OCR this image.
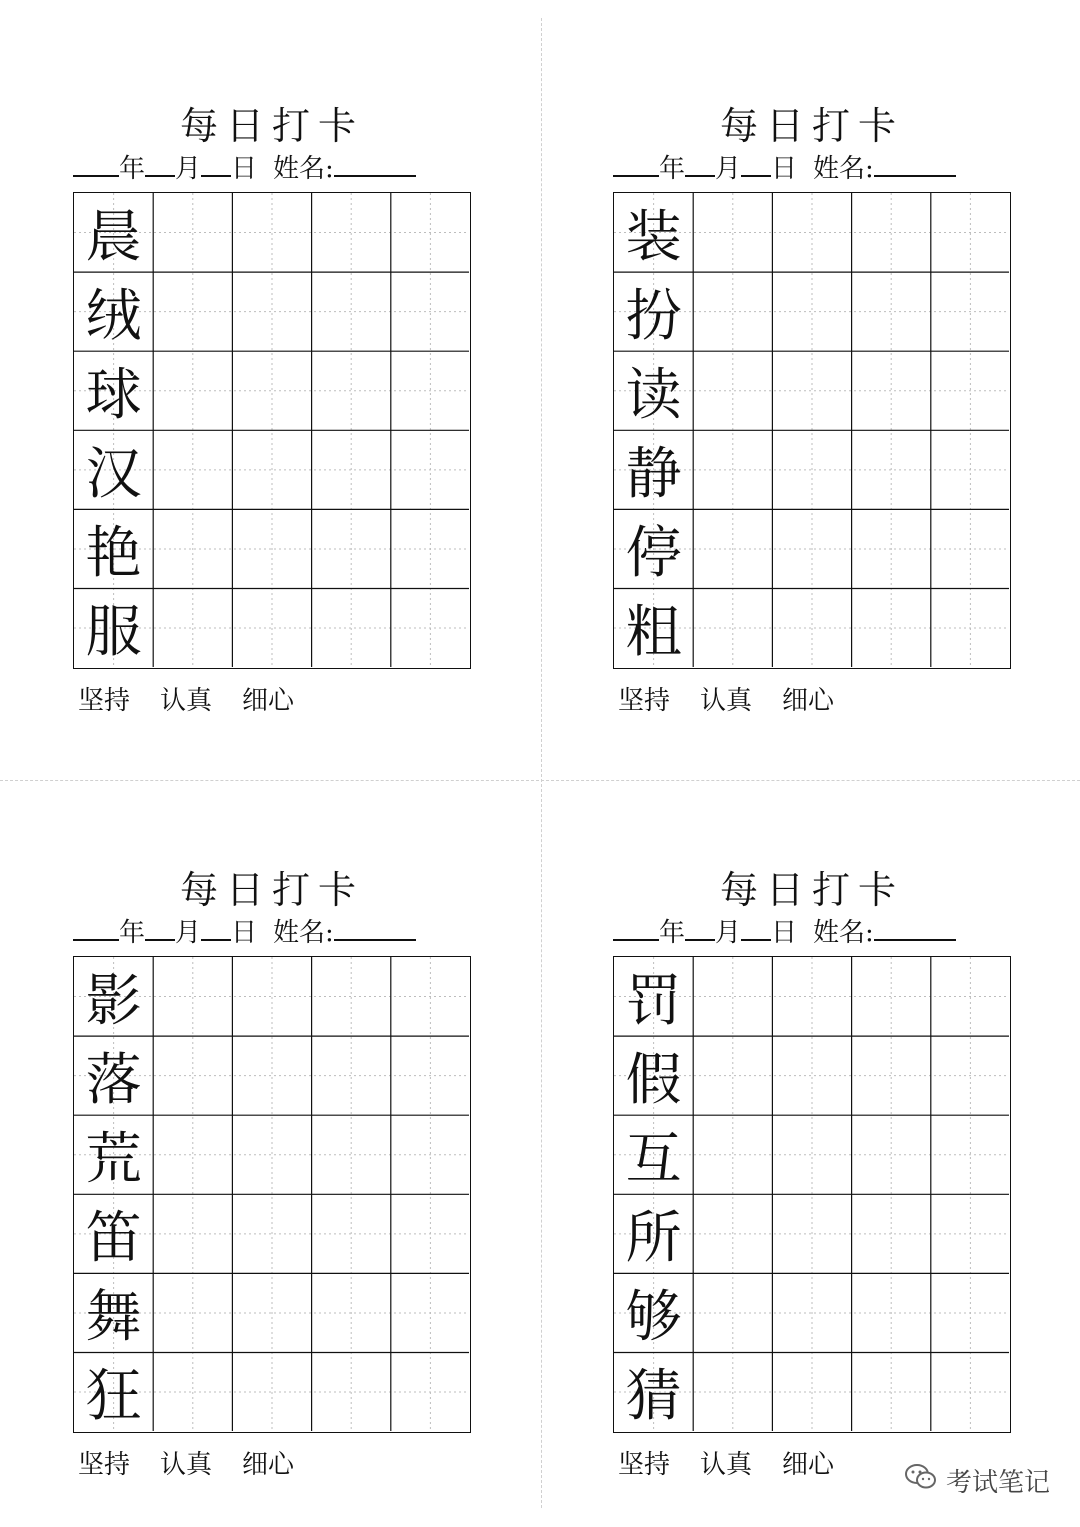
每日打卡
年 月 日 姓名:
晨
绒
球
汉
艳
服
坚持 认真 细心
每日打卡
年 月 日 姓名:
装
扮
读
静
停
粗
坚持 认真 细心
每日打卡
年 月 日 姓名:
影
落
荒
笛
舞
狂
坚持 认真 细心
每日打卡
年 月 日 姓名:
罚
假
互
所
够
猜
坚持 认真 细心
考试笔记
